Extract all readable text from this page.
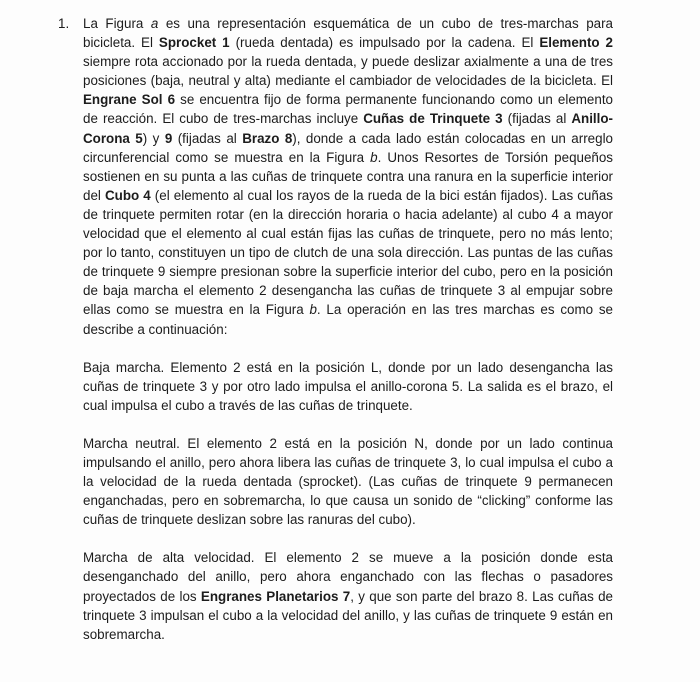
1. La Figura a es una representación esquemática de un cubo de tres-marchas para bicicleta. El Sprocket 1 (rueda dentada) es impulsado por la cadena. El Elemento 2 siempre rota accionado por la rueda dentada, y puede deslizar axialmente a una de tres posiciones (baja, neutral y alta) mediante el cambiador de velocidades de la bicicleta. El Engrane Sol 6 se encuentra fijo de forma permanente funcionando como un elemento de reacción. El cubo de tres-marchas incluye Cuñas de Trinquete 3 (fijadas al Anillo-Corona 5) y 9 (fijadas al Brazo 8), donde a cada lado están colocadas en un arreglo circunferencial como se muestra en la Figura b. Unos Resortes de Torsión pequeños sostienen en su punta a las cuñas de trinquete contra una ranura en la superficie interior del Cubo 4 (el elemento al cual los rayos de la rueda de la bici están fijados). Las cuñas de trinquete permiten rotar (en la dirección horaria o hacia adelante) al cubo 4 a mayor velocidad que el elemento al cual están fijas las cuñas de trinquete, pero no más lento; por lo tanto, constituyen un tipo de clutch de una sola dirección. Las puntas de las cuñas de trinquete 9 siempre presionan sobre la superficie interior del cubo, pero en la posición de baja marcha el elemento 2 desengancha las cuñas de trinquete 3 al empujar sobre ellas como se muestra en la Figura b. La operación en las tres marchas es como se describe a continuación:

Baja marcha. Elemento 2 está en la posición L, donde por un lado desengancha las cuñas de trinquete 3 y por otro lado impulsa el anillo-corona 5. La salida es el brazo, el cual impulsa el cubo a través de las cuñas de trinquete.

Marcha neutral. El elemento 2 está en la posición N, donde por un lado continua impulsando el anillo, pero ahora libera las cuñas de trinquete 3, lo cual impulsa el cubo a la velocidad de la rueda dentada (sprocket). (Las cuñas de trinquete 9 permanecen enganchadas, pero en sobremarcha, lo que causa un sonido de “clicking” conforme las cuñas de trinquete deslizan sobre las ranuras del cubo).

Marcha de alta velocidad. El elemento 2 se mueve a la posición donde esta desenganchado del anillo, pero ahora enganchado con las flechas o pasadores proyectados de los Engranes Planetarios 7, y que son parte del brazo 8. Las cuñas de trinquete 3 impulsan el cubo a la velocidad del anillo, y las cuñas de trinquete 9 están en sobremarcha.
